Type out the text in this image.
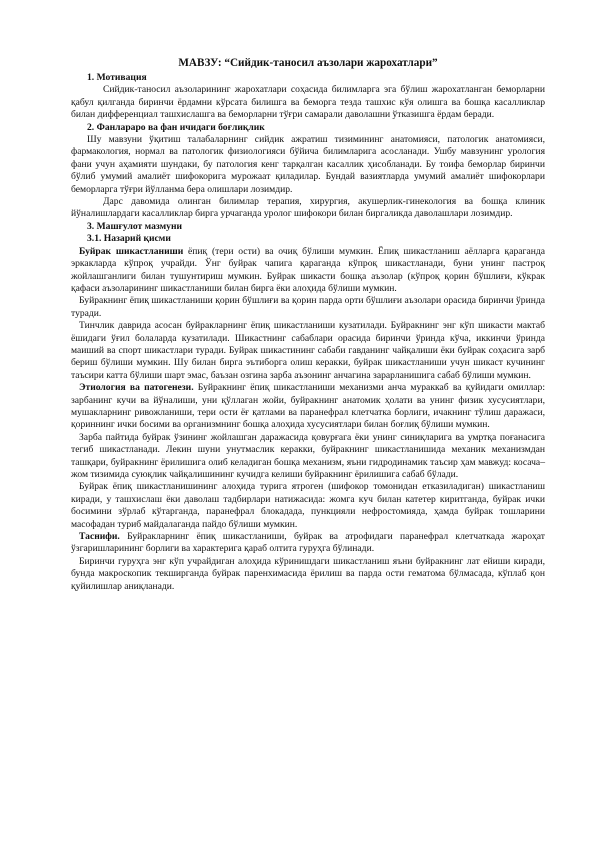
МАВЗУ: “Сийдик-таносил аъзолари жарохатлари”

1. Мотивация

Сийдик-таносил аъзоларининг жарохатлари соҳасида билимларга эга бўлиш жарохатланган беморларни қабул қилганда биринчи ёрдамни кўрсата билишга ва беморга тезда ташхис кўя олишга ва бошқа касалликлар билан дифференциал ташхислашга ва беморларни тўғри самарали даволашни ўтказишга ёрдам беради.

2. Фанлараро ва фан ичидаги боғлиқлик

Шу мавзуни ўқитиш талабаларнинг сийдик ажратиш тизимининг анатомияси, патологик анатомияси, фармакология, нормал ва патологик физиологияси бўйича билимларига асосланади. Ушбу мавзунинг урология фани учун аҳамияти шундаки, бу патология кенг тарқалган касаллик ҳисобланади. Бу тоифа беморлар биринчи бўлиб умумий амалиёт шифокорига мурожаат қиладилар. Бундай вазиятларда умумий амалиёт шифокорлари беморларга тўғри йўлланма бера олишлари лозимдир.

Дарс давомида олинган билимлар терапия, хирургия, акушерлик-гинекология ва бошқа клиник йўналишлардаги касалликлар бирга урчаганда уролог шифокори билан биргаликда даволашлари лозимдир.

3. Машғулот мазмуни

3.1. Назарий қисми

Буйрак шикастланиши ёпиқ (тери ости) ва очиқ бўлиши мумкин. Ёпиқ шикастланиш аёлларга қараганда эркакларда кўпроқ учрайди. Ўнг буйрак чапига қараганда кўпроқ шикастланади, буни унинг пастроқ жойлашганлиги билан тушунтириш мумкин. Буйрак шикасти бошқа аъзолар (кўпроқ қорин бўшлиғи, кўкрак қафаси аъзоларининг шикастланиши билан бирга ёки алоҳида бўлиши мумкин.

Буйракнинг ёпиқ шикастланиши қорин бўшлиғи ва қорин парда орти бўшлиғи аъзолари орасида биринчи ўринда туради.

Тинчлик даврида асосан буйракларнинг ёпиқ шикастланиши кузатилади. Буйракнинг энг кўп шикасти мактаб ёшидаги ўғил болаларда кузатилади. Шикастнинг сабаблари орасида биринчи ўринда кўча, иккинчи ўринда маиший ва спорт шикастлари туради. Буйрак шикастининг сабаби гавданинг чайқалиши ёки буйрак соҳасига зарб бериш бўлиши мумкин. Шу билан бирга эътиборга олиш керакки, буйрак шикастланиши учун шикаст кучининг таъсири катта бўлиши шарт эмас, баъзан озгина зарба аъзонинг анчагина зарарланишига сабаб бўлиши мумкин.

Этиология ва патогенези. Буйракнинг ёпиқ шикастланиши механизми анча мураккаб ва қуйидаги омиллар: зарбанинг кучи ва йўналиши, уни қўллаган жойи, буйракнинг анатомик ҳолати ва унинг физик хусусиятлари, мушакларнинг ривожланиши, тери ости ёғ қатлами ва паранефрал клетчатка борлиги, ичакнинг тўлиш даражаси, қориннинг ички босими ва организмнинг бошқа алоҳида хусусиятлари билан боғлиқ бўлиши мумкин.

Зарба пайтида буйрак ўзининг жойлашган даражасида қовурғага ёки унинг синиқларига ва умртқа поғанасига тегиб шикастланади. Лекин шуни унутмаслик керакки, буйракнинг шикастланишида механик механизмдан ташқари, буйракнинг ёрилишига олиб келадиган бошқа механизм, яъни гидродинамик таъсир ҳам мавжуд: косача–жом тизимида суюқлик чайқалишининг кучидга келиши буйракнинг ёрилишига сабаб бўлади.

Буйрак ёпиқ шикастланишининг алоҳида турига ятроген (шифокор томонидан етказиладиган) шикастланиш киради, у ташхислаш ёки даволаш тадбирлари натижасида: жомга куч билан катетер киритганда, буйрак ички босимини зўрлаб кўтарганда, паранефрал блокадада, пункцияли нефростомияда, ҳамда буйрак тошларини масофадан туриб майдалаганда пайдо бўлиши мумкин.

Таснифи. Буйракларнинг ёпиқ шикастланиши, буйрак ва атрофидаги паранефрал клетчаткада жароҳат ўзгаришларининг борлиги ва характерига қараб олтита гуруҳга бўлинади.

Биринчи гуруҳга энг кўп учрайдиган алоҳида кўринишдаги шикастланиш яъни буйракнинг лат ейиши киради, бунда макроскопик текширганда буйрак паренхимасида ёрилиш ва парда ости гематома бўлмасада, кўплаб қон қуйилишлар аниқланади.
